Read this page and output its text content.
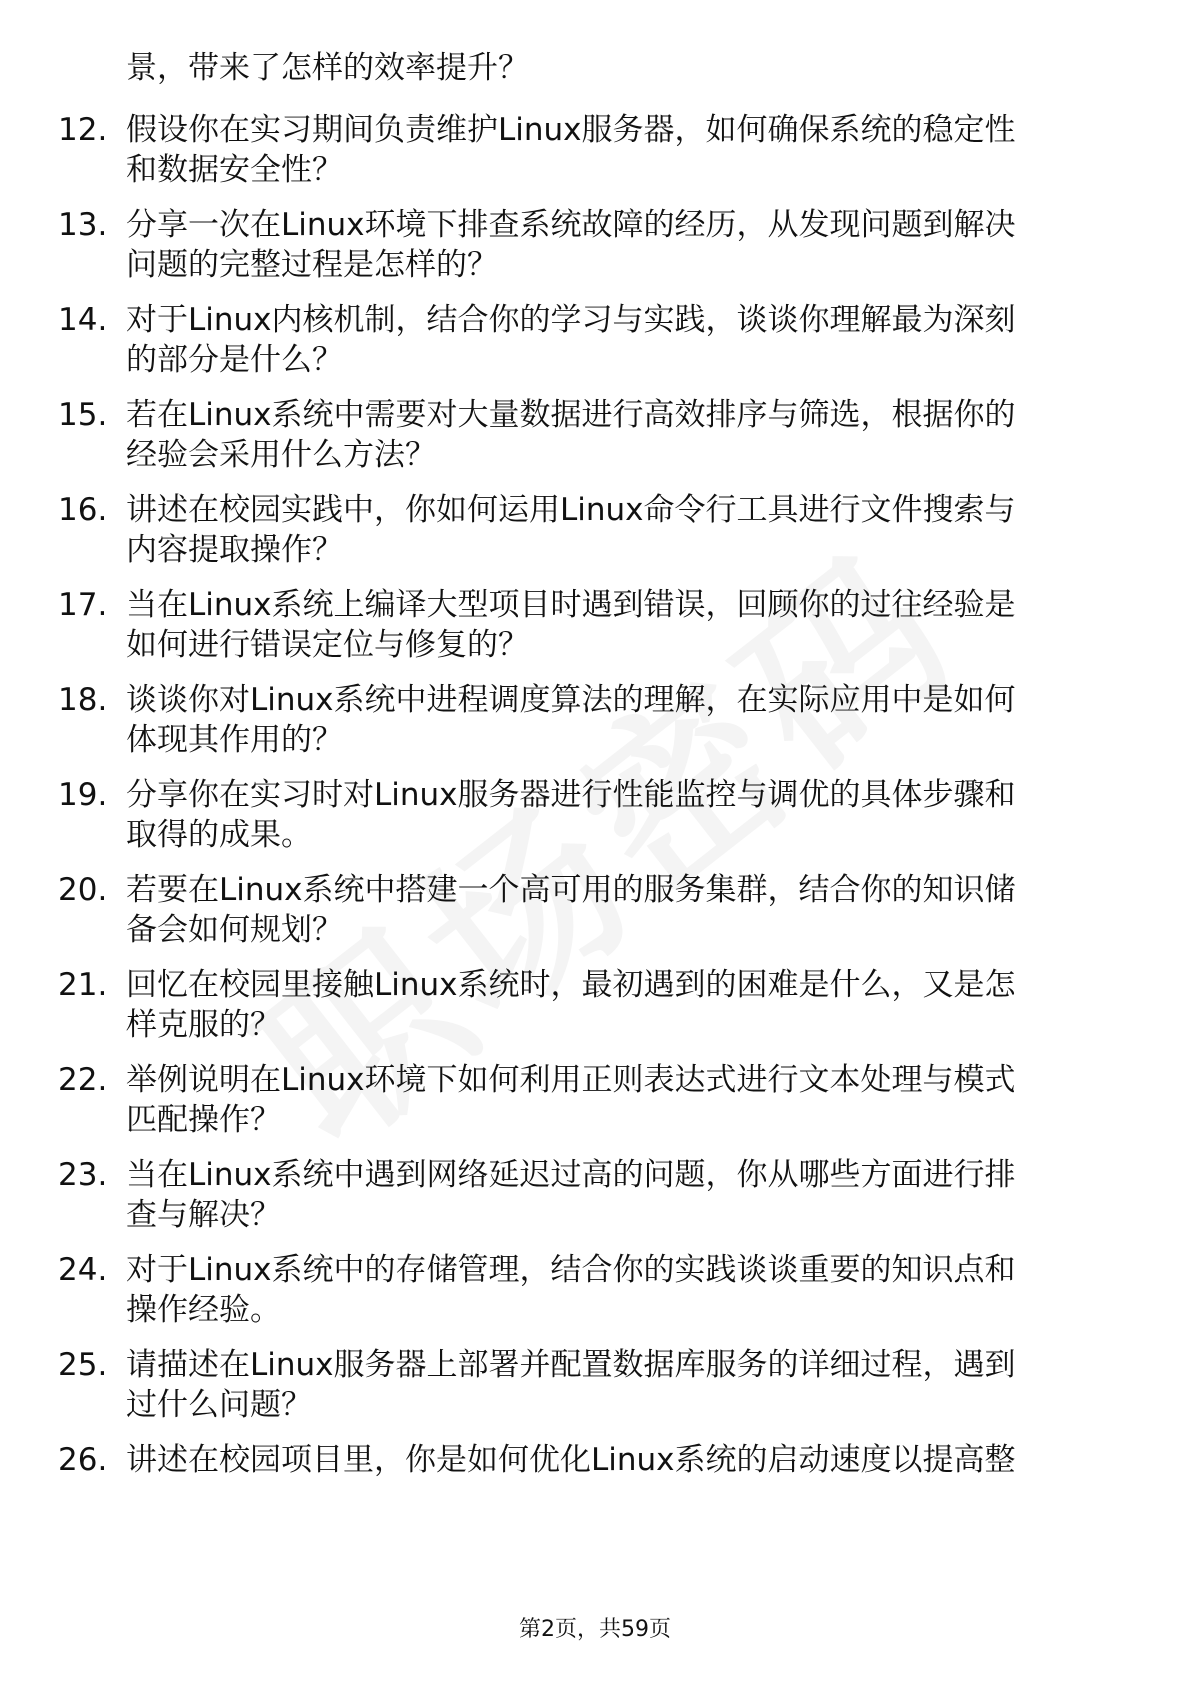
景，带来了怎样的效率提升？
12. 假设你在实习期间负责维护Linux服务器，如何确保系统的稳定性
和数据安全性？
13. 分享一次在Linux环境下排查系统故障的经历，从发现问题到解决
问题的完整过程是怎样的？
14. 对于Linux内核机制，结合你的学习与实践，谈谈你理解最为深刻
的部分是什么？
15. 若在Linux系统中需要对大量数据进行高效排序与筛选，根据你的
经验会采用什么方法？
16. 讲述在校园实践中，你如何运用Linux命令行工具进行文件搜索与
内容提取操作？
17. 当在Linux系统上编译大型项目时遇到错误，回顾你的过往经验是
如何进行错误定位与修复的？
18. 谈谈你对Linux系统中进程调度算法的理解，在实际应用中是如何
体现其作用的？
19. 分享你在实习时对Linux服务器进行性能监控与调优的具体步骤和
取得的成果。
20. 若要在Linux系统中搭建一个高可用的服务集群，结合你的知识储
备会如何规划？
21. 回忆在校园里接触Linux系统时，最初遇到的困难是什么，又是怎
样克服的？
22. 举例说明在Linux环境下如何利用正则表达式进行文本处理与模式
匹配操作？
23. 当在Linux系统中遇到网络延迟过高的问题，你从哪些方面进行排
查与解决？
24. 对于Linux系统中的存储管理，结合你的实践谈谈重要的知识点和
操作经验。
25. 请描述在Linux服务器上部署并配置数据库服务的详细过程，遇到
过什么问题？
26. 讲述在校园项目里，你是如何优化Linux系统的启动速度以提高整
第2页，共59页
